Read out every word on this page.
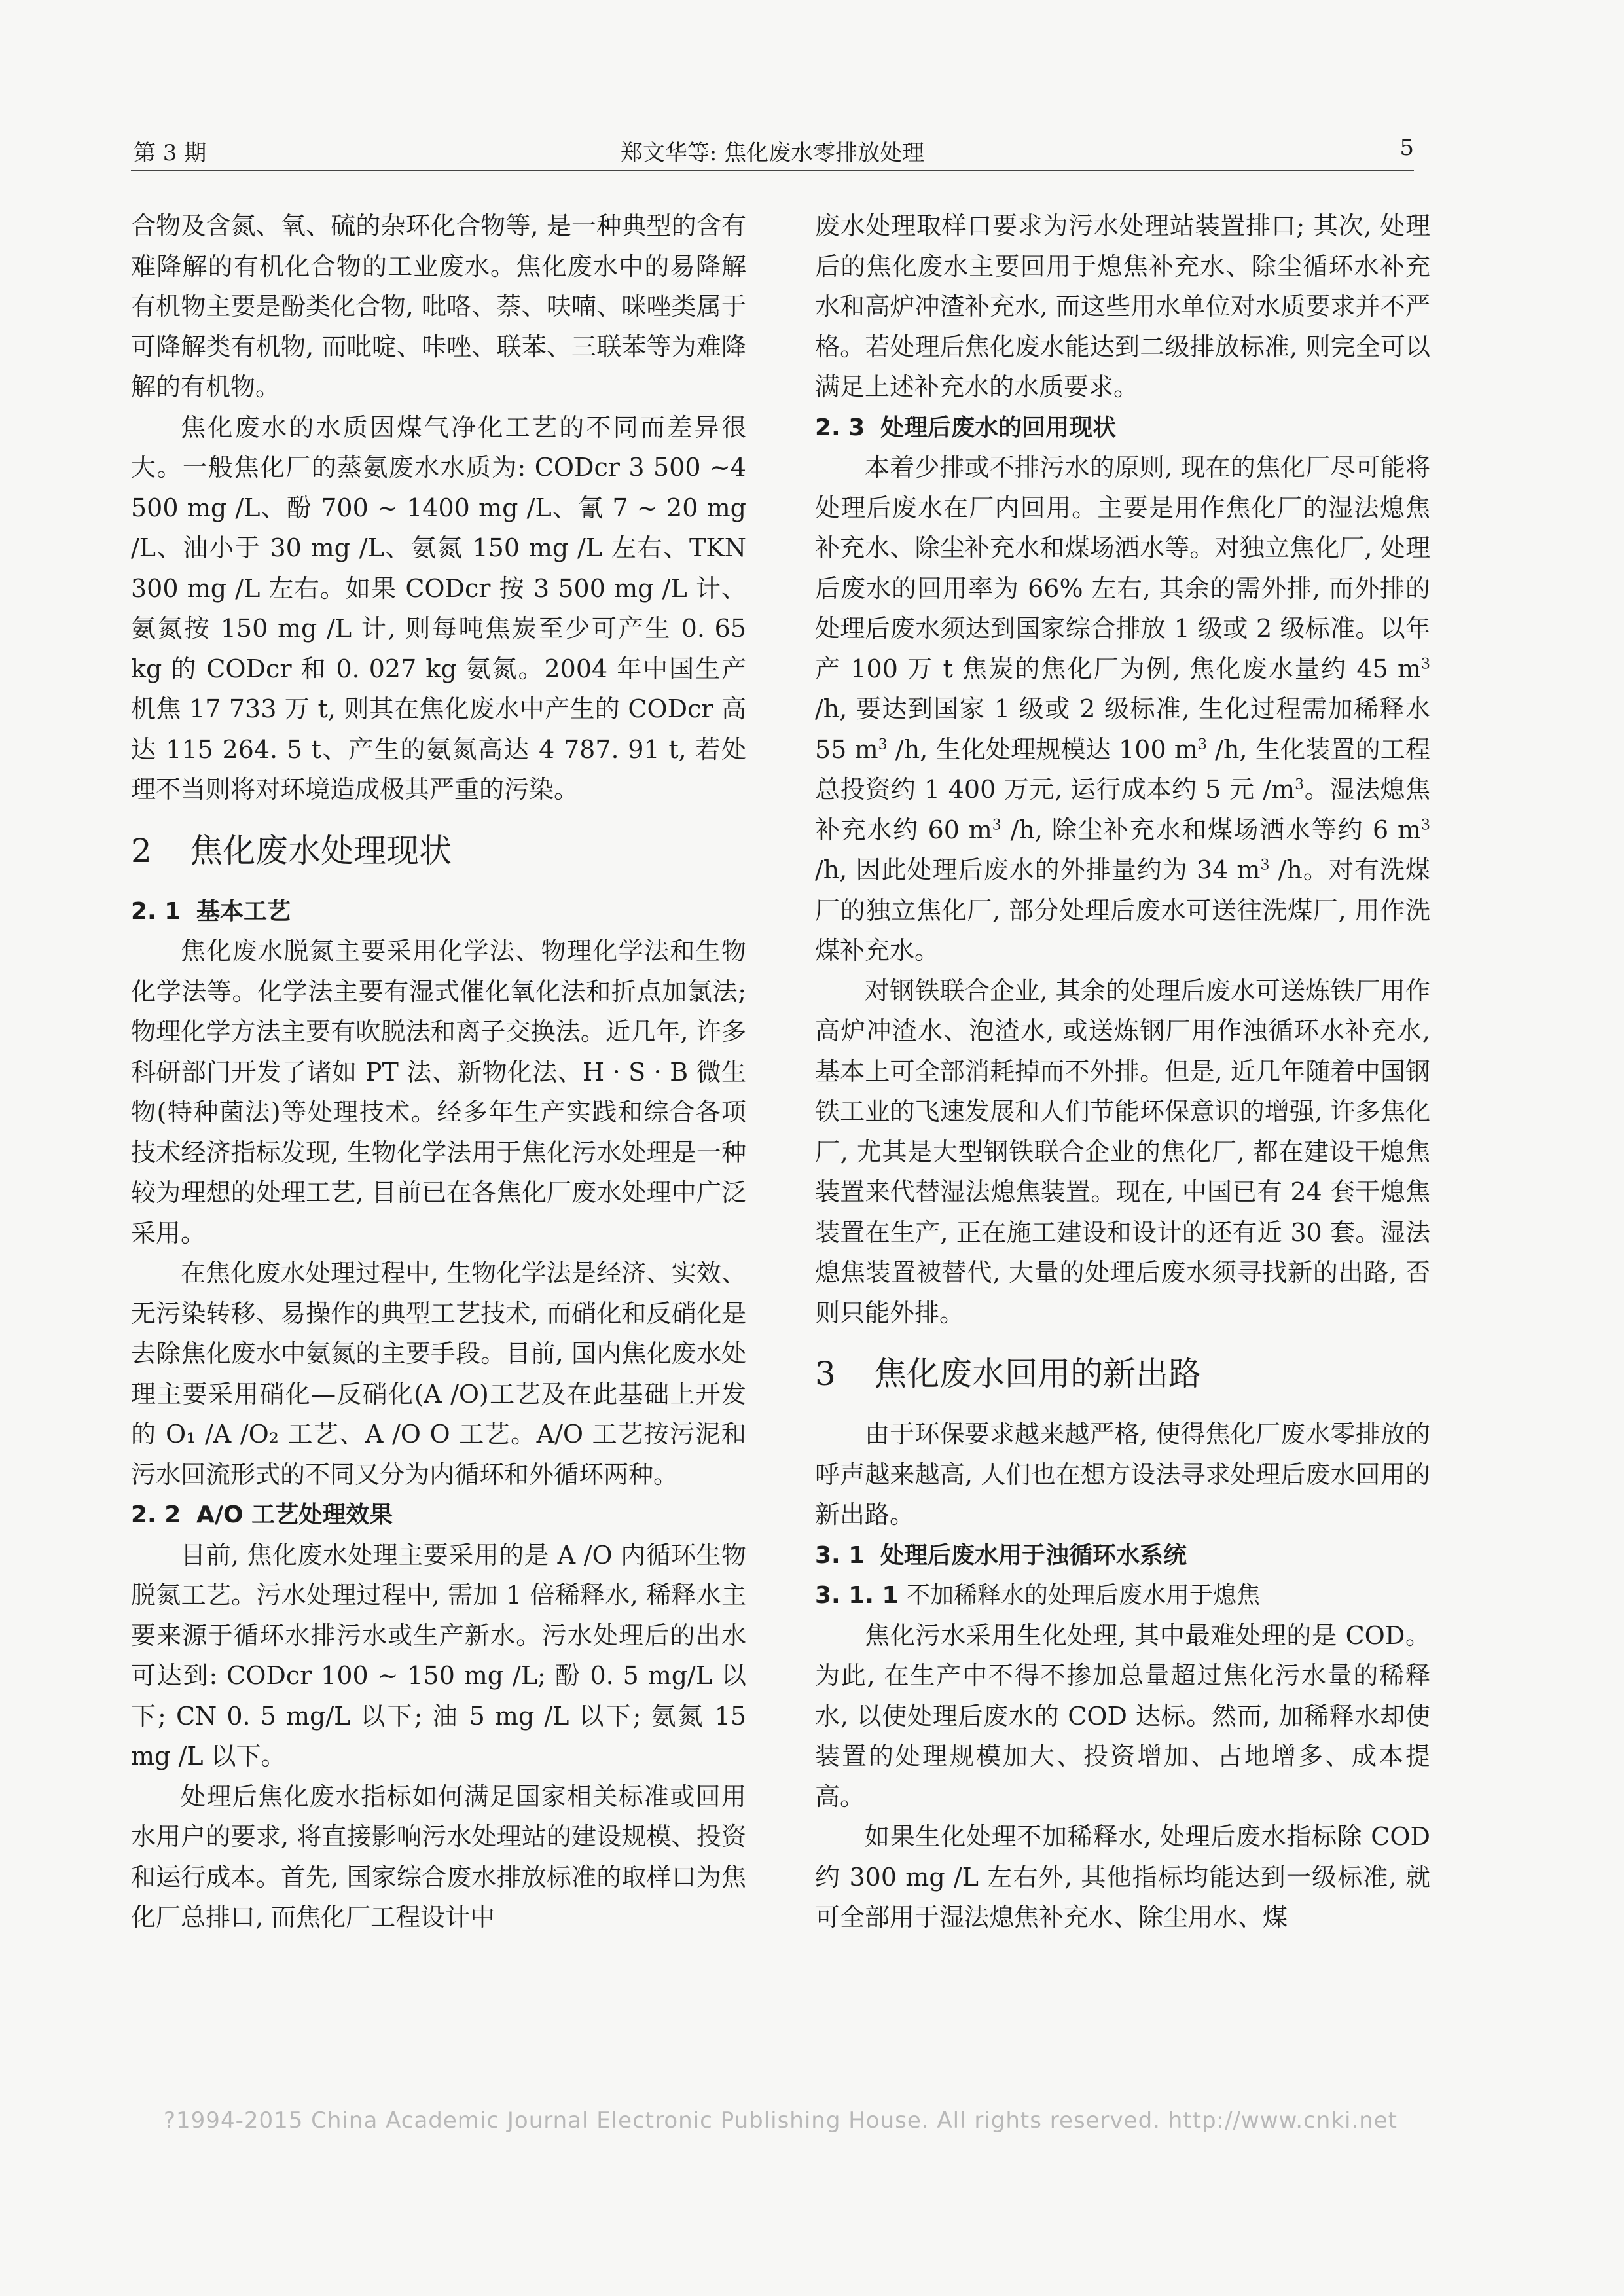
第 3 期	郑文华等: 焦化废水零排放处理	5

合物及含氮、氧、硫的杂环化合物等, 是一种典型的含有难降解的有机化合物的工业废水。焦化废水中的易降解有机物主要是酚类化合物, 吡咯、萘、呋喃、咪唑类属于可降解类有机物, 而吡啶、咔唑、联苯、三联苯等为难降解的有机物。

焦化废水的水质因煤气净化工艺的不同而差异很大。一般焦化厂的蒸氨废水水质为: CODcr 3 500 ~4 500 mg /L、酚 700 ~ 1400 mg /L、氰 7 ~ 20 mg /L、油小于 30 mg /L、氨氮 150 mg /L 左右、TKN 300 mg /L 左右。如果 CODcr 按 3 500 mg /L 计、氨氮按 150 mg /L 计, 则每吨焦炭至少可产生 0. 65 kg 的 CODcr 和 0. 027 kg 氨氮。2004 年中国生产机焦 17 733 万 t, 则其在焦化废水中产生的 CODcr 高达 115 264. 5 t、产生的氨氮高达 4 787. 91 t, 若处理不当则将对环境造成极其严重的污染。

2 焦化废水处理现状
2. 1 基本工艺

焦化废水脱氮主要采用化学法、物理化学法和生物化学法等。化学法主要有湿式催化氧化法和折点加氯法; 物理化学方法主要有吹脱法和离子交换法。近几年, 许多科研部门开发了诸如 PT 法、新物化法、H · S · B 微生物(特种菌法)等处理技术。经多年生产实践和综合各项技术经济指标发现, 生物化学法用于焦化污水处理是一种较为理想的处理工艺, 目前已在各焦化厂废水处理中广泛采用。

在焦化废水处理过程中, 生物化学法是经济、实效、无污染转移、易操作的典型工艺技术, 而硝化和反硝化是去除焦化废水中氨氮的主要手段。目前, 国内焦化废水处理主要采用硝化—反硝化(A /O)工艺及在此基础上开发的 O₁ /A /O₂ 工艺、A /O O 工艺。A/O 工艺按污泥和污水回流形式的不同又分为内循环和外循环两种。

2. 2 A/O 工艺处理效果

目前, 焦化废水处理主要采用的是 A /O 内循环生物脱氮工艺。污水处理过程中, 需加 1 倍稀释水, 稀释水主要来源于循环水排污水或生产新水。污水处理后的出水可达到: CODcr 100 ~ 150 mg /L; 酚 0. 5 mg/L 以下; CN 0. 5 mg/L 以下; 油 5 mg /L 以下; 氨氮 15 mg /L 以下。

处理后焦化废水指标如何满足国家相关标准或回用水用户的要求, 将直接影响污水处理站的建设规模、投资和运行成本。首先, 国家综合废水排放标准的取样口为焦化厂总排口, 而焦化厂工程设计中

废水处理取样口要求为污水处理站装置排口; 其次, 处理后的焦化废水主要回用于熄焦补充水、除尘循环水补充水和高炉冲渣补充水, 而这些用水单位对水质要求并不严格。若处理后焦化废水能达到二级排放标准, 则完全可以满足上述补充水的水质要求。

2. 3 处理后废水的回用现状

本着少排或不排污水的原则, 现在的焦化厂尽可能将处理后废水在厂内回用。主要是用作焦化厂的湿法熄焦补充水、除尘补充水和煤场洒水等。对独立焦化厂, 处理后废水的回用率为 66% 左右, 其余的需外排, 而外排的处理后废水须达到国家综合排放 1 级或 2 级标准。以年产 100 万 t 焦炭的焦化厂为例, 焦化废水量约 45 $m^3$ /h, 要达到国家 1 级或 2 级标准, 生化过程需加稀释水 55 $m^3$ /h, 生化处理规模达 100 $m^3$ /h, 生化装置的工程总投资约 1 400 万元, 运行成本约 5 元 $/m^3$。湿法熄焦补充水约 60 $m^3$ /h, 除尘补充水和煤场洒水等约 6 $m^3$ /h, 因此处理后废水的外排量约为 34 $m^3$ /h。对有洗煤厂的独立焦化厂, 部分处理后废水可送往洗煤厂, 用作洗煤补充水。

对钢铁联合企业, 其余的处理后废水可送炼铁厂用作高炉冲渣水、泡渣水, 或送炼钢厂用作浊循环水补充水, 基本上可全部消耗掉而不外排。但是, 近几年随着中国钢铁工业的飞速发展和人们节能环保意识的增强, 许多焦化厂, 尤其是大型钢铁联合企业的焦化厂, 都在建设干熄焦装置来代替湿法熄焦装置。现在, 中国已有 24 套干熄焦装置在生产, 正在施工建设和设计的还有近 30 套。湿法熄焦装置被替代, 大量的处理后废水须寻找新的出路, 否则只能外排。

3 焦化废水回用的新出路

由于环保要求越来越严格, 使得焦化厂废水零排放的呼声越来越高, 人们也在想方设法寻求处理后废水回用的新出路。

3. 1 处理后废水用于浊循环水系统
3. 1. 1 不加稀释水的处理后废水用于熄焦

焦化污水采用生化处理, 其中最难处理的是 COD。为此, 在生产中不得不掺加总量超过焦化污水量的稀释水, 以使处理后废水的 COD 达标。然而, 加稀释水却使装置的处理规模加大、投资增加、占地增多、成本提高。

如果生化处理不加稀释水, 处理后废水指标除 COD 约 300 mg /L 左右外, 其他指标均能达到一级标准, 就可全部用于湿法熄焦补充水、除尘用水、煤

?1994-2015 China Academic Journal Electronic Publishing House. All rights reserved. http://www.cnki.net
